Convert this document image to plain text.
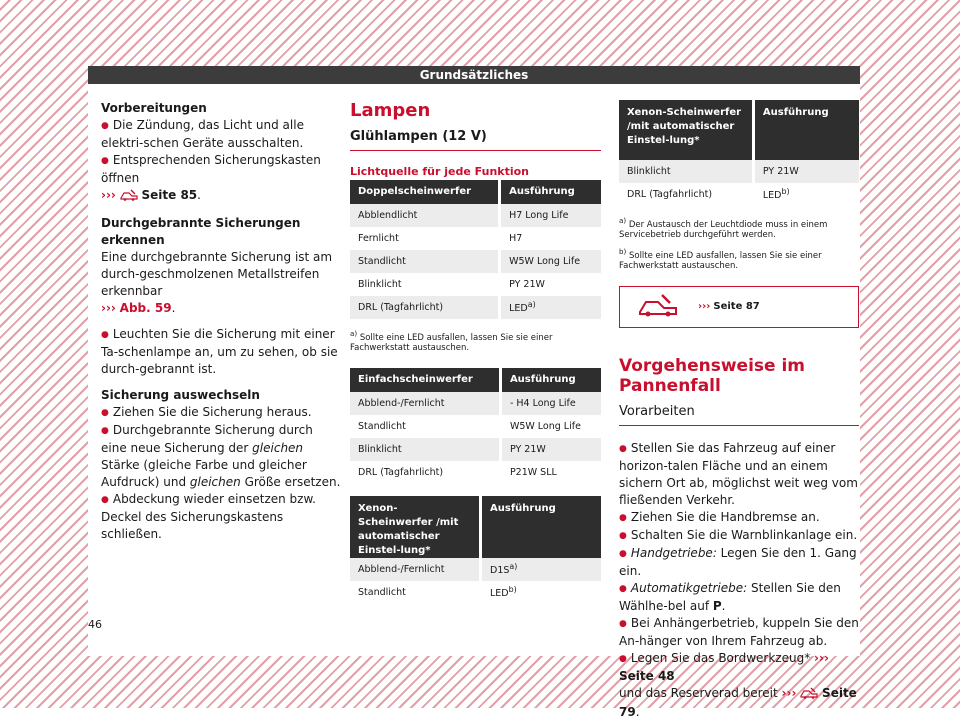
Grundsätzliches
Vorbereitungen
● Die Zündung, das Licht und alle elektri-schen Geräte ausschalten.
● Entsprechenden Sicherungskasten öffnen
››› Seite 85.
Durchgebrannte Sicherungen erkennen
Eine durchgebrannte Sicherung ist am durch-geschmolzenen Metallstreifen erkennbar
››› Abb. 59.
● Leuchten Sie die Sicherung mit einer Ta-schenlampe an, um zu sehen, ob sie durch-gebrannt ist.
Sicherung auswechseln
● Ziehen Sie die Sicherung heraus.
● Durchgebrannte Sicherung durch eine neue Sicherung der gleichen Stärke (gleiche Farbe und gleicher Aufdruck) und gleichen Größe ersetzen.
● Abdeckung wieder einsetzen bzw. Deckel des Sicherungskastens schließen.
46
Lampen
Glühlampen (12 V)
Lichtquelle für jede Funktion
Doppelscheinwerfer	Ausführung
Abblendlicht	H7 Long Life
Fernlicht	H7
Standlicht	W5W Long Life
Blinklicht	PY 21W
DRL (Tagfahrlicht)	LED$^{a)}$
$^{a)}$ Sollte eine LED ausfallen, lassen Sie sie einer Fachwerkstatt austauschen.
Einfachscheinwerfer	Ausführung
Abblend-/Fernlicht	- H4 Long Life
Standlicht	W5W Long Life
Blinklicht	PY 21W
DRL (Tagfahrlicht)	P21W SLL
Xenon-Scheinwerfer /mit automatischer Einstel-lung*	Ausführung
Abblend-/Fernlicht	$D1S^{a)}$
Standlicht	LED$^{b)}$
Xenon-Scheinwerfer /mit automatischer Einstel-lung*	Ausführung
Blinklicht	PY 21W
DRL (Tagfahrlicht)	LED$^{b)}$
$^{a)}$ Der Austausch der Leuchtdiode muss in einem Servicebetrieb durchgeführt werden.
$^{b)}$ Sollte eine LED ausfallen, lassen Sie sie einer Fachwerkstatt austauschen.
››› Seite 87
Vorgehensweise im Pannenfall
Vorarbeiten
● Stellen Sie das Fahrzeug auf einer horizon-talen Fläche und an einem sichern Ort ab, möglichst weit weg vom fließenden Verkehr.
● Ziehen Sie die Handbremse an.
● Schalten Sie die Warnblinkanlage ein.
● Handgetriebe: Legen Sie den 1. Gang ein.
● Automatikgetriebe: Stellen Sie den Wählhe-bel auf P.
● Bei Anhängerbetrieb, kuppeln Sie den An-hänger von Ihrem Fahrzeug ab.
● Legen Sie das Bordwerkzeug* ››› Seite 48
und das Reserverad bereit ››› Seite 79.
